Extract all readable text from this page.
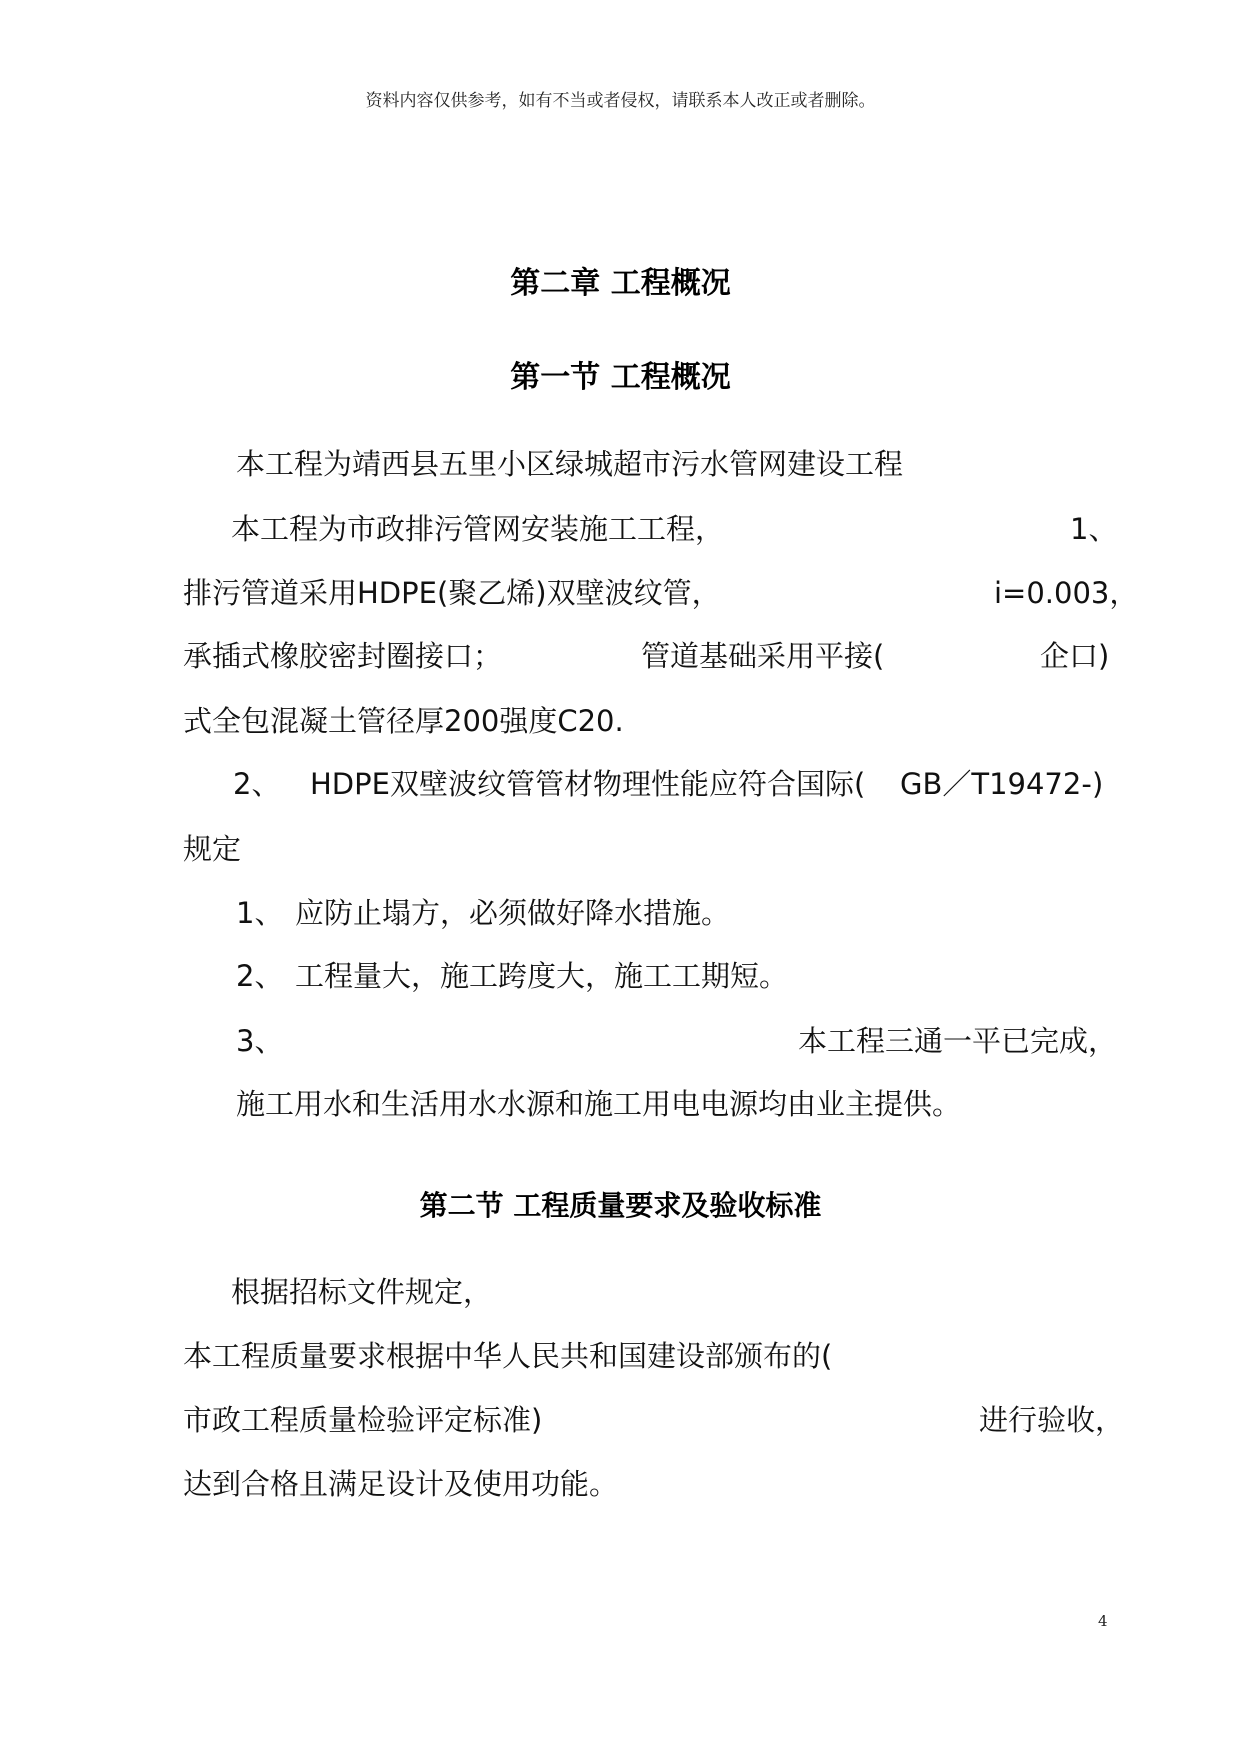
资料内容仅供参考，如有不当或者侵权，请联系本人改正或者删除。
第二章 工程概况
第一节 工程概况
本工程为靖西县五里小区绿城超市污水管网建设工程
本工程为市政排污管网安装施工工程，	1、
排污管道采用HDPE(聚乙烯)双壁波纹管，	i=0.003，
承插式橡胶密封圈接口；	管道基础采用平接(	企口)
式全包混凝土管径厚200强度C20.
2、 HDPE双壁波纹管管材物理性能应符合国际( GB／T19472- )
规定
1、 应防止塌方，必须做好降水措施。
2、 工程量大，施工跨度大，施工工期短。
3、	本工程三通一平已完成，
施工用水和生活用水水源和施工用电电源均由业主提供。
第二节 工程质量要求及验收标准
根据招标文件规定，
本工程质量要求根据中华人民共和国建设部颁布的(
市政工程质量检验评定标准)	进行验收，
达到合格且满足设计及使用功能。
4
